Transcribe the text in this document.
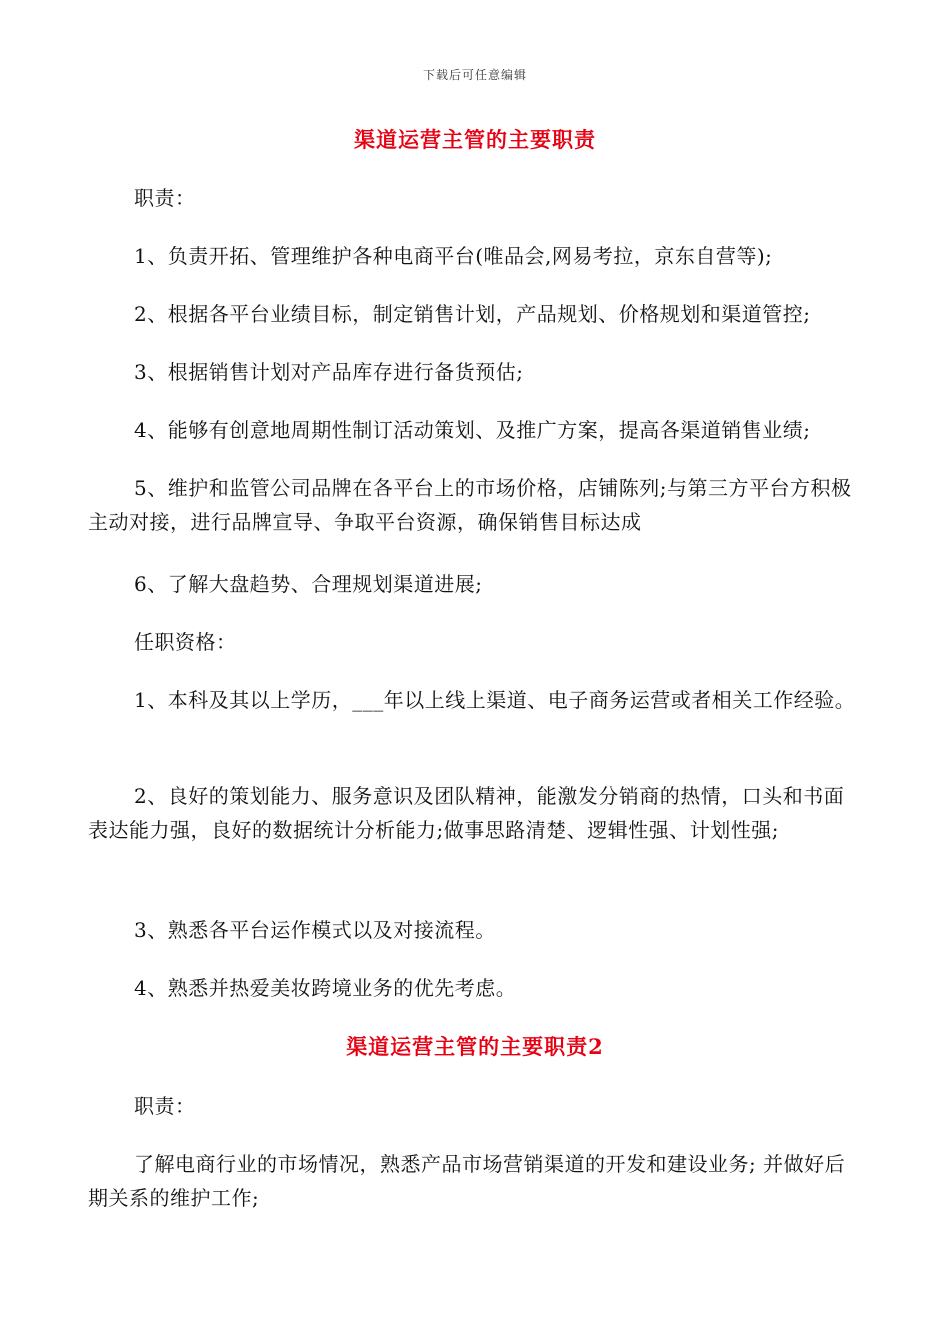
下载后可任意编辑
渠道运营主管的主要职责
职责：
1、负责开拓、管理维护各种电商平台(唯品会,网易考拉，京东自营等);
2、根据各平台业绩目标，制定销售计划，产品规划、价格规划和渠道管控;
3、根据销售计划对产品库存进行备货预估;
4、能够有创意地周期性制订活动策划、及推广方案，提高各渠道销售业绩;
5、维护和监管公司品牌在各平台上的市场价格，店铺陈列;与第三方平台方积极主动对接，进行品牌宣导、争取平台资源，确保销售目标达成
6、了解大盘趋势、合理规划渠道进展;
任职资格：
1、本科及其以上学历，___年以上线上渠道、电子商务运营或者相关工作经验。
2、良好的策划能力、服务意识及团队精神，能激发分销商的热情，口头和书面表达能力强，良好的数据统计分析能力;做事思路清楚、逻辑性强、计划性强;
3、熟悉各平台运作模式以及对接流程。
4、熟悉并热爱美妆跨境业务的优先考虑。
渠道运营主管的主要职责2
职责：
了解电商行业的市场情况，熟悉产品市场营销渠道的开发和建设业务; 并做好后期关系的维护工作;
